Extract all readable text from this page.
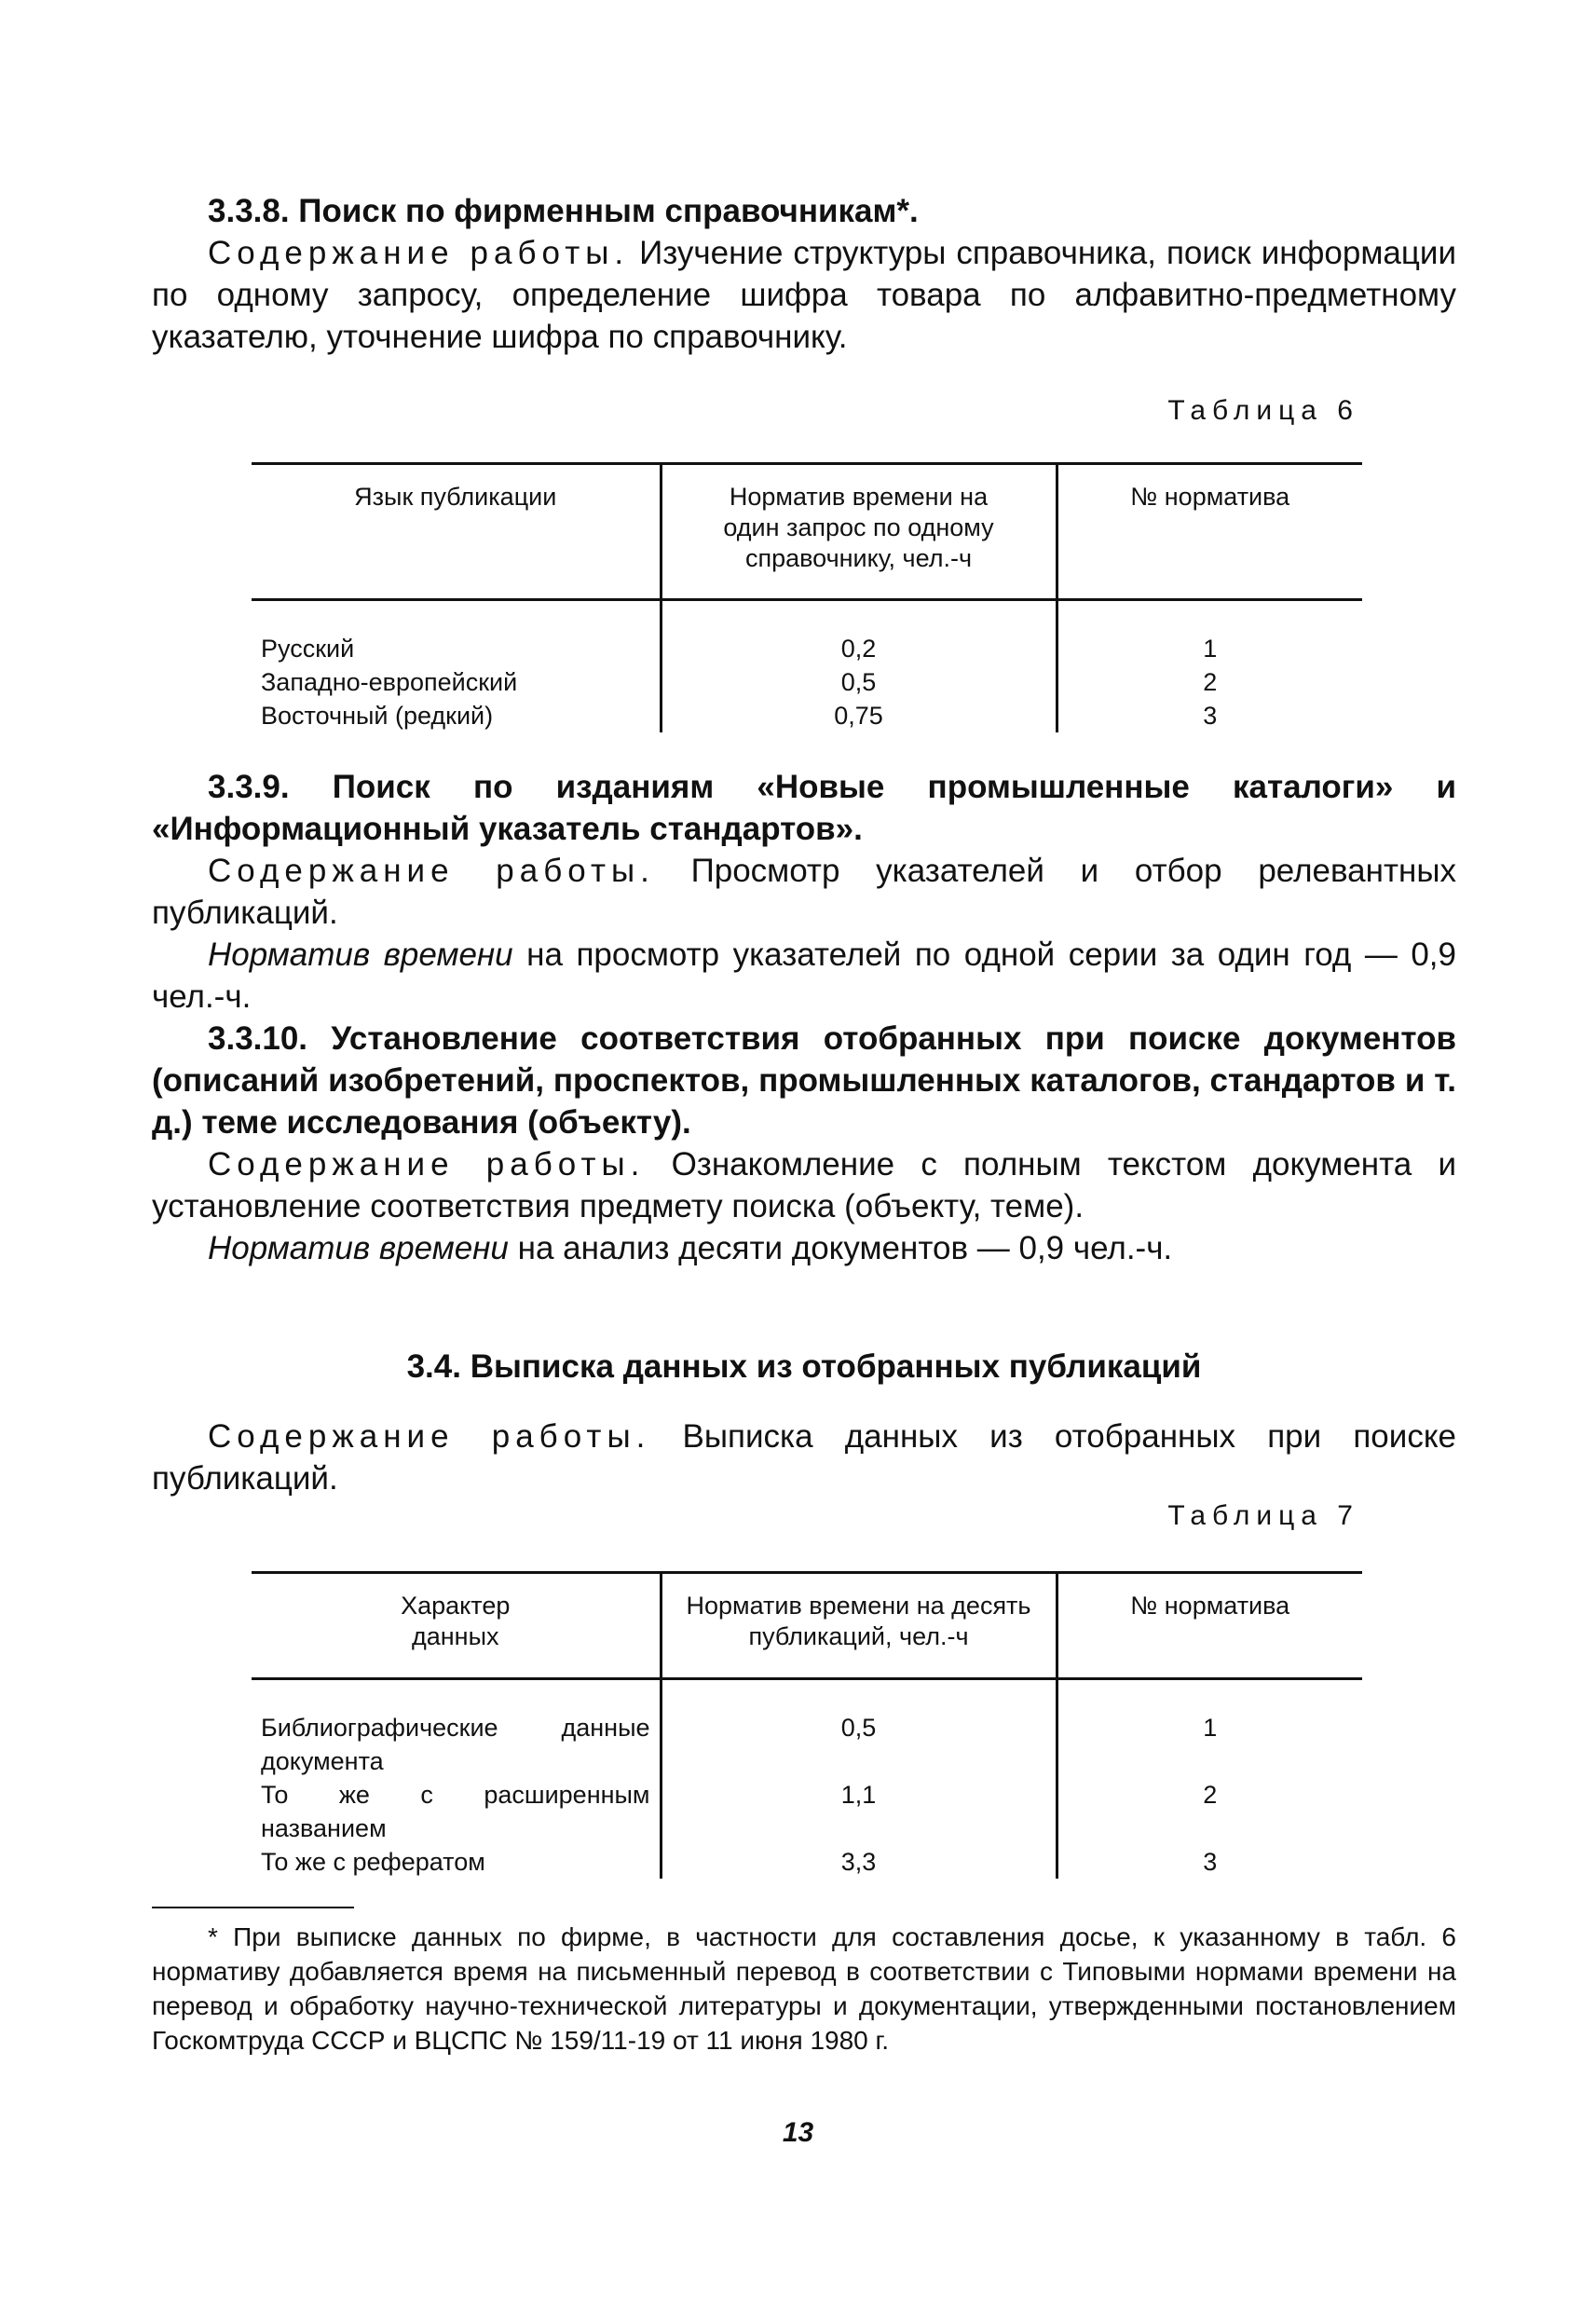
3.3.8. Поиск по фирменным справочникам*.
Содержание работы. Изучение структуры справочника, поиск информации по одному запросу, определение шифра товара по алфавитно-предметному указателю, уточнение шифра по справочнику.
Таблица 6
Язык публикации	Норматив времени на один запрос по одному справочнику, чел.-ч	№ норматива

Русский	0,2	1
Западно-европейский	0,5	2
Восточный (редкий)	0,75	3
3.3.9. Поиск по изданиям «Новые промышленные каталоги» и «Информационный указатель стандартов».
Содержание работы. Просмотр указателей и отбор релевантных публикаций.
Норматив времени на просмотр указателей по одной серии за один год — 0,9 чел.-ч.
3.3.10. Установление соответствия отобранных при поиске документов (описаний изобретений, проспектов, промышленных каталогов, стандартов и т. д.) теме исследования (объекту).
Содержание работы. Ознакомление с полным текстом документа и установление соответствия предмету поиска (объекту, теме).
Норматив времени на анализ десяти документов — 0,9 чел.-ч.
3.4. Выписка данных из отобранных публикаций
Содержание работы. Выписка данных из отобранных при поиске публикаций.
Таблица 7
Характер данных	Норматив времени на десять публикаций, чел.-ч	№ норматива

Библиографические данные документа	0,5	1
То же с расширенным названием	1,1	2
То же с рефератом	3,3	3
* При выписке данных по фирме, в частности для составления досье, к указанному в табл. 6 нормативу добавляется время на письменный перевод в соответствии с Типовыми нормами времени на перевод и обработку научно-технической литературы и документации, утвержденными постановлением Госкомтруда СССР и ВЦСПС № 159/11-19 от 11 июня 1980 г.
13
